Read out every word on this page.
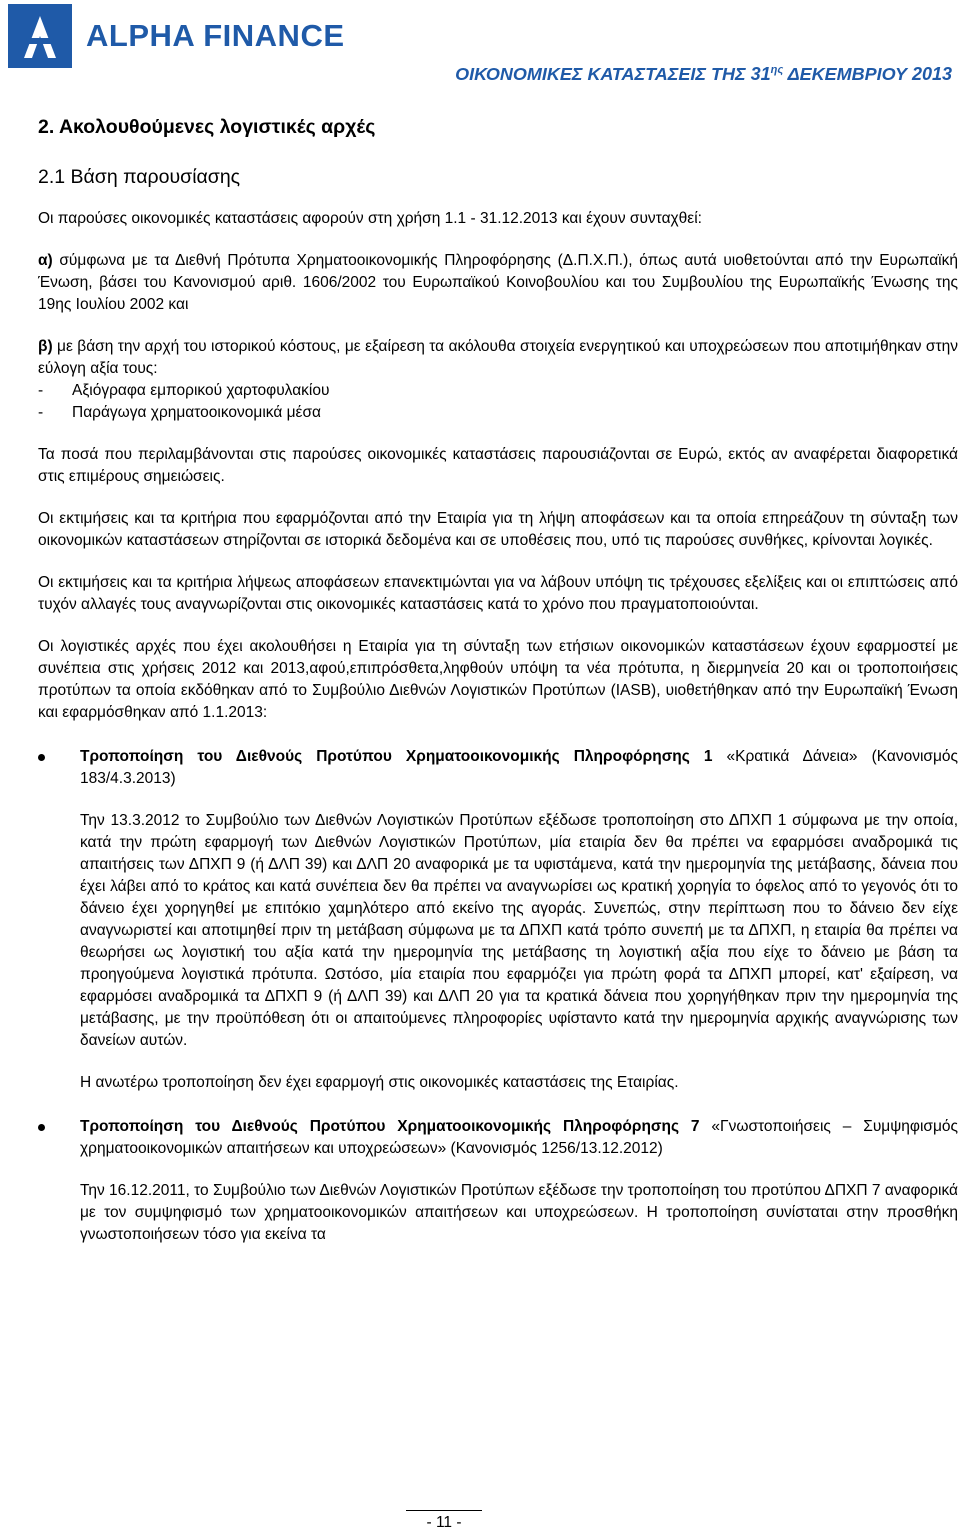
ALPHA FINANCE
ΟΙΚΟΝΟΜΙΚΕΣ ΚΑΤΑΣΤΑΣΕΙΣ ΤΗΣ $31^{\eta\varsigma}$ ΔΕΚΕΜΒΡΙΟΥ 2013

2. Ακολουθούμενες λογιστικές αρχές

2.1 Βάση παρουσίασης

Οι παρούσες οικονομικές καταστάσεις αφορούν στη χρήση 1.1 - 31.12.2013 και έχουν συνταχθεί:

α) σύμφωνα με τα Διεθνή Πρότυπα Χρηματοοικονομικής Πληροφόρησης (Δ.Π.Χ.Π.), όπως αυτά υιοθετούνται από την Ευρωπαϊκή Ένωση, βάσει του Κανονισμού αριθ. 1606/2002 του Ευρωπαϊκού Κοινοβουλίου και του Συμβουλίου της Ευρωπαϊκής Ένωσης της 19ης Ιουλίου 2002 και

β) με βάση την αρχή του ιστορικού κόστους, με εξαίρεση τα ακόλουθα στοιχεία ενεργητικού και υποχρεώσεων που αποτιμήθηκαν στην εύλογη αξία τους:

-	Αξιόγραφα εμπορικού χαρτοφυλακίου
-	Παράγωγα χρηματοοικονομικά μέσα

Τα ποσά που περιλαμβάνονται στις παρούσες οικονομικές καταστάσεις παρουσιάζονται σε Ευρώ, εκτός αν αναφέρεται διαφορετικά στις επιμέρους σημειώσεις.

Οι εκτιμήσεις και τα κριτήρια που εφαρμόζονται από την Εταιρία για τη λήψη αποφάσεων και τα οποία επηρεάζουν τη σύνταξη των οικονομικών καταστάσεων στηρίζονται σε ιστορικά δεδομένα και σε υποθέσεις που, υπό τις παρούσες συνθήκες, κρίνονται λογικές.

Οι εκτιμήσεις και τα κριτήρια λήψεως αποφάσεων επανεκτιμώνται για να λάβουν υπόψη τις τρέχουσες εξελίξεις και οι επιπτώσεις από τυχόν αλλαγές τους αναγνωρίζονται στις οικονομικές καταστάσεις κατά το χρόνο που πραγματοποιούνται.

Οι λογιστικές αρχές που έχει ακολουθήσει η Εταιρία για τη σύνταξη των ετήσιων οικονομικών καταστάσεων έχουν εφαρμοστεί με συνέπεια στις χρήσεις 2012 και 2013,αφού,επιπρόσθετα,ληφθούν υπόψη τα νέα πρότυπα, η διερμηνεία 20 και οι τροποποιήσεις προτύπων τα οποία εκδόθηκαν από το Συμβούλιο Διεθνών Λογιστικών Προτύπων (IASB), υιοθετήθηκαν από την Ευρωπαϊκή Ένωση και εφαρμόσθηκαν από 1.1.2013:

Τροποποίηση του Διεθνούς Προτύπου Χρηματοοικονομικής Πληροφόρησης 1 «Κρατικά Δάνεια» (Κανονισμός 183/4.3.2013)

Την 13.3.2012 το Συμβούλιο των Διεθνών Λογιστικών Προτύπων εξέδωσε τροποποίηση στο ΔΠΧΠ 1 σύμφωνα με την οποία, κατά την πρώτη εφαρμογή των Διεθνών Λογιστικών Προτύπων, μία εταιρία δεν θα πρέπει να εφαρμόσει αναδρομικά τις απαιτήσεις των ΔΠΧΠ 9 (ή ΔΛΠ 39) και ΔΛΠ 20 αναφορικά με τα υφιστάμενα, κατά την ημερομηνία της μετάβασης, δάνεια που έχει λάβει από το κράτος και κατά συνέπεια δεν θα πρέπει να αναγνωρίσει ως κρατική χορηγία το όφελος από το γεγονός ότι το δάνειο έχει χορηγηθεί με επιτόκιο χαμηλότερο από εκείνο της αγοράς. Συνεπώς, στην περίπτωση που το δάνειο δεν είχε αναγνωριστεί και αποτιμηθεί πριν τη μετάβαση σύμφωνα με τα ΔΠΧΠ κατά τρόπο συνεπή με τα ΔΠΧΠ, η εταιρία θα πρέπει να θεωρήσει ως λογιστική του αξία κατά την ημερομηνία της μετάβασης τη λογιστική αξία που είχε το δάνειο με βάση τα προηγούμενα λογιστικά πρότυπα. Ωστόσο, μία εταιρία που εφαρμόζει για πρώτη φορά τα ΔΠΧΠ μπορεί, κατ' εξαίρεση, να εφαρμόσει αναδρομικά τα ΔΠΧΠ 9 (ή ΔΛΠ 39) και ΔΛΠ 20 για τα κρατικά δάνεια που χορηγήθηκαν πριν την ημερομηνία της μετάβασης, με την προϋπόθεση ότι οι απαιτούμενες πληροφορίες υφίσταντο κατά την ημερομηνία αρχικής αναγνώρισης των δανείων αυτών.

Η ανωτέρω τροποποίηση δεν έχει εφαρμογή στις οικονομικές καταστάσεις της Εταιρίας.

Τροποποίηση του Διεθνούς Προτύπου Χρηματοοικονομικής Πληροφόρησης 7 «Γνωστοποιήσεις – Συμψηφισμός χρηματοοικονομικών απαιτήσεων και υποχρεώσεων» (Κανονισμός 1256/13.12.2012)

Την 16.12.2011, το Συμβούλιο των Διεθνών Λογιστικών Προτύπων εξέδωσε την τροποποίηση του προτύπου ΔΠΧΠ 7 αναφορικά με τον συμψηφισμό των χρηματοοικονομικών απαιτήσεων και υποχρεώσεων. Η τροποποίηση συνίσταται στην προσθήκη γνωστοποιήσεων τόσο για εκείνα τα

- 11 -
